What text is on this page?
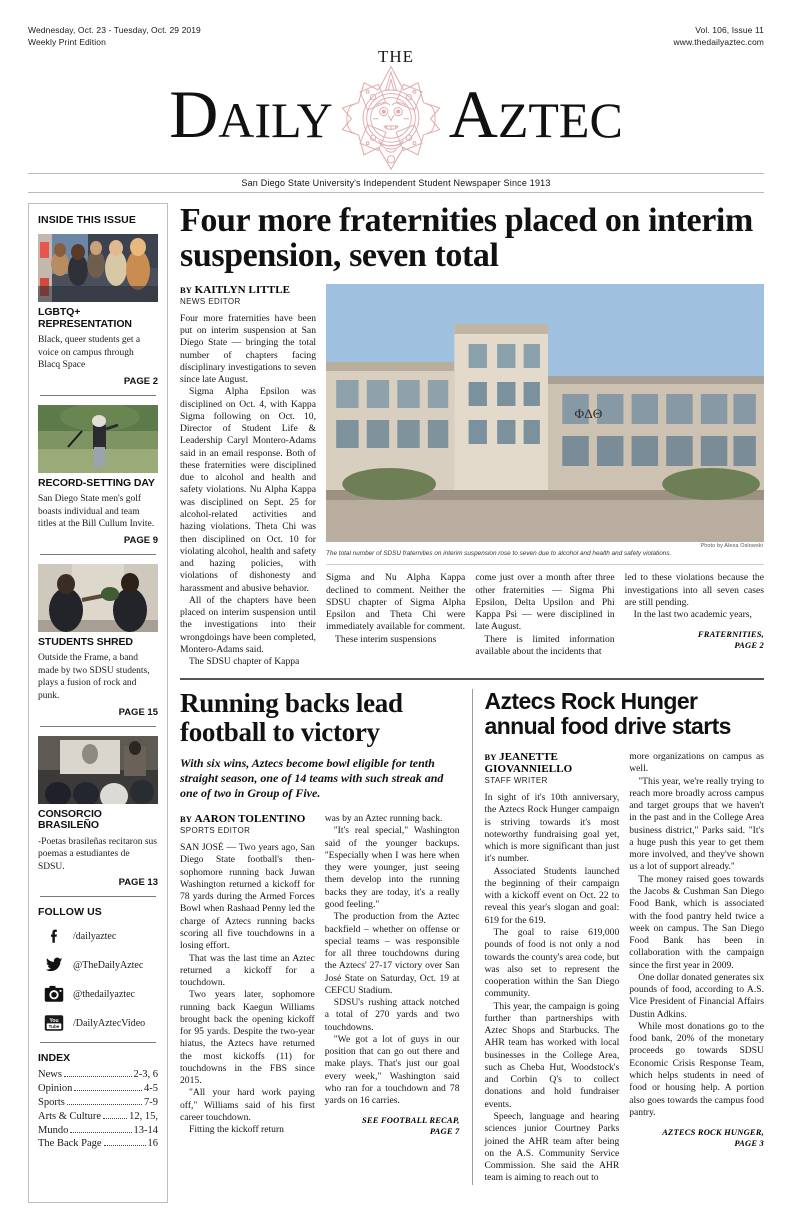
Wednesday, Oct. 23 - Tuesday, Oct. 29 2019
Weekly Print Edition
Vol. 106, Issue 11
www.thedailyaztec.com
THE
DAILY AZTEC
San Diego State University's Independent Student Newspaper Since 1913
INSIDE THIS ISSUE
LGBTQ+ REPRESENTATION
Black, queer students get a voice on campus through Blacq Space
PAGE 2
RECORD-SETTING DAY
San Diego State men's golf boasts individual and team titles at the Bill Cullum Invite.
PAGE 9
STUDENTS SHRED
Outside the Frame, a band made by two SDSU students, plays a fusion of rock and punk.
PAGE 15
CONSORCIO BRASILEÑO
-Poetas brasileñas recitaron sus poemas a estudiantes de SDSU.
PAGE 13
FOLLOW US
/dailyaztec
@TheDailyAztec
@thedailyaztec
You
Tube /DailyAztecVideo
INDEX
News	2-3, 6
Opinion	4-5
Sports	7-9
Arts & Culture	12, 15,
Mundo	13-14
The Back Page	16
Four more fraternities placed on interim suspension, seven total
BY KAITLYN LITTLE
NEWS EDITOR

Four more fraternities have been put on interim suspension at San Diego State — bringing the total number of chapters facing disciplinary investigations to seven since late August.

Sigma Alpha Epsilon was disciplined on Oct. 4, with Kappa Sigma following on Oct. 10, Director of Student Life & Leadership Caryl Montero-Adams said in an email response. Both of these fraternities were disciplined due to alcohol and health and safety violations. Nu Alpha Kappa was disciplined on Sept. 25 for alcohol-related activities and hazing violations. Theta Chi was then disciplined on Oct. 10 for violating alcohol, health and safety and hazing policies, with violations of dishonesty and harassment and abusive behavior.

All of the chapters have been placed on interim suspension until the investigations into their wrongdoings have been completed, Montero-Adams said.

The SDSU chapter of Kappa

ΦΔΘ
Photo by Alexa Oslowski
The total number of SDSU fraternities on interim suspension rose to seven due to alcohol and health and safety violations.

Sigma and Nu Alpha Kappa declined to comment. Neither the SDSU chapter of Sigma Alpha Epsilon and Theta Chi were immediately available for comment.

These interim suspensions

come just over a month after three other fraternities — Sigma Phi Epsilon, Delta Upsilon and Phi Kappa Psi — were disciplined in late August.

There is limited information available about the incidents that

led to these violations because the investigations into all seven cases are still pending.

In the last two academic years,

FRATERNITIES,
PAGE 2
Running backs lead football to victory
With six wins, Aztecs become bowl eligible for tenth straight season, one of 14 teams with such streak and one of two in Group of Five.
BY AARON TOLENTINO
SPORTS EDITOR

SAN JOSÉ — Two years ago, San Diego State football's then-sophomore running back Juwan Washington returned a kickoff for 78 yards during the Armed Forces Bowl when Rashaad Penny led the charge of Aztecs running backs scoring all five touchdowns in a losing effort.

That was the last time an Aztec returned a kickoff for a touchdown.

Two years later, sophomore running back Kaegun Williams brought back the opening kickoff for 95 yards. Despite the two-year hiatus, the Aztecs have returned the most kickoffs (11) for touchdowns in the FBS since 2015.

"All your hard work paying off," Williams said of his first career touchdown.

Fitting the kickoff return

was by an Aztec running back.

"It's real special," Washington said of the younger backups. "Especially when I was here when they were younger, just seeing them develop into the running backs they are today, it's a really good feeling."

The production from the Aztec backfield – whether on offense or special teams – was responsible for all three touchdowns during the Aztecs' 27-17 victory over San José State on Saturday, Oct. 19 at CEFCU Stadium.

SDSU's rushing attack notched a total of 270 yards and two touchdowns.

"We got a lot of guys in our position that can go out there and make plays. That's just our goal every week," Washington said who ran for a touchdown and 78 yards on 16 carries.

SEE FOOTBALL RECAP,
PAGE 7
Aztecs Rock Hunger annual food drive starts
BY JEANETTE GIOVANNIELLO
STAFF WRITER

In sight of it's 10th anniversary, the Aztecs Rock Hunger campaign is striving towards it's most noteworthy fundraising goal yet, which is more significant than just it's number.

Associated Students launched the beginning of their campaign with a kickoff event on Oct. 22 to reveal this year's slogan and goal: 619 for the 619.

The goal to raise 619,000 pounds of food is not only a nod towards the county's area code, but was also set to represent the cooperation within the San Diego community.

This year, the campaign is going further than partnerships with Aztec Shops and Starbucks. The AHR team has worked with local businesses in the College Area, such as Cheba Hut, Woodstock's and Corbin Q's to collect donations and hold fundraiser events.

Speech, language and hearing sciences junior Courtney Parks joined the AHR team after being on the A.S. Community Service Commission. She said the AHR team is aiming to reach out to

more organizations on campus as well.

"This year, we're really trying to reach more broadly across campus and target groups that we haven't in the past and in the College Area business district," Parks said. "It's a huge push this year to get them more involved, and they've shown us a lot of support already."

The money raised goes towards the Jacobs & Cushman San Diego Food Bank, which is associated with the food pantry held twice a week on campus. The San Diego Food Bank has been in collaboration with the campaign since the first year in 2009.

One dollar donated generates six pounds of food, according to A.S. Vice President of Financial Affairs Dustin Adkins.

While most donations go to the food bank, 20% of the monetary proceeds go towards SDSU Economic Crisis Response Team, which helps students in need of food or housing help. A portion also goes towards the campus food pantry.

AZTECS ROCK HUNGER,
PAGE 3
